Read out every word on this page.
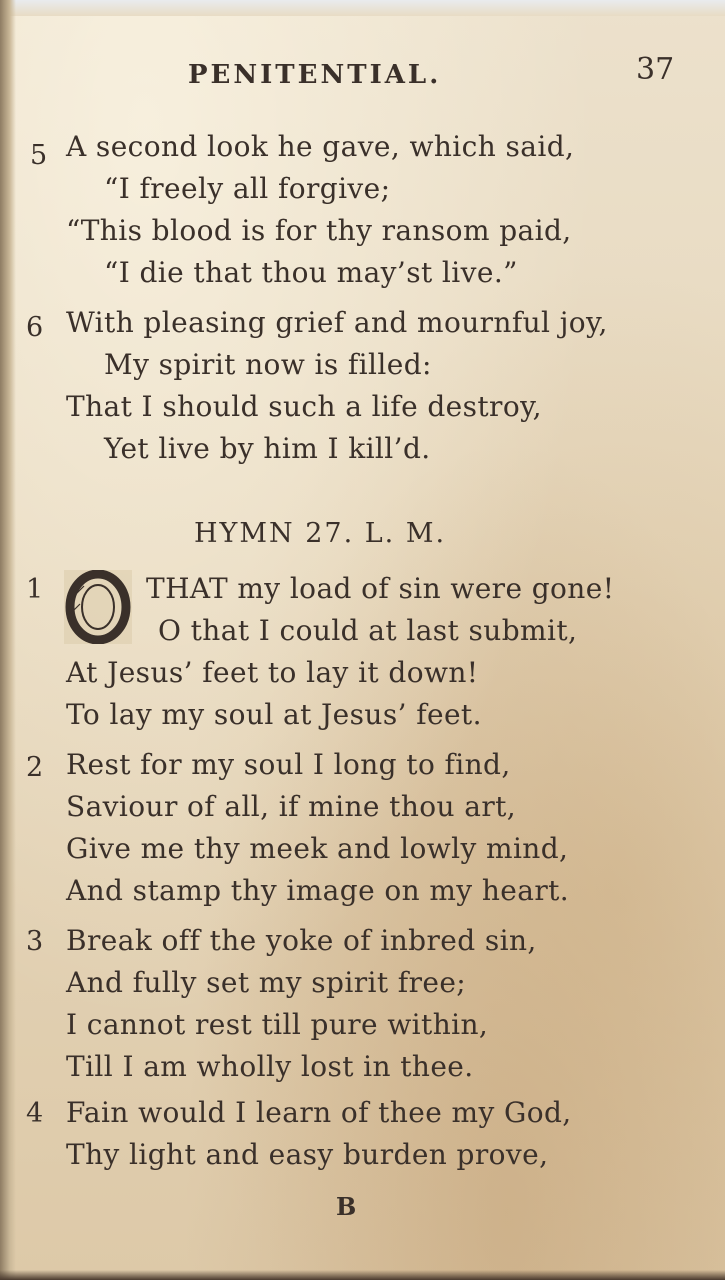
PENITENTIAL.	37
5 A second look he gave, which said,
“I freely all forgive;
“This blood is for thy ransom paid,
“I die that thou may’st live.”
6 With pleasing grief and mournful joy,
My spirit now is filled:
That I should such a life destroy,
Yet live by him I kill’d.
HYMN 27. L. M.
1	THAT my load of sin were gone!
O that I could at last submit,
At Jesus’ feet to lay it down!
To lay my soul at Jesus’ feet.
2 Rest for my soul I long to find,
Saviour of all, if mine thou art,
Give me thy meek and lowly mind,
And stamp thy image on my heart.
3 Break off the yoke of inbred sin,
And fully set my spirit free;
I cannot rest till pure within,
Till I am wholly lost in thee.
4 Fain would I learn of thee my God,
Thy light and easy burden prove,
B
